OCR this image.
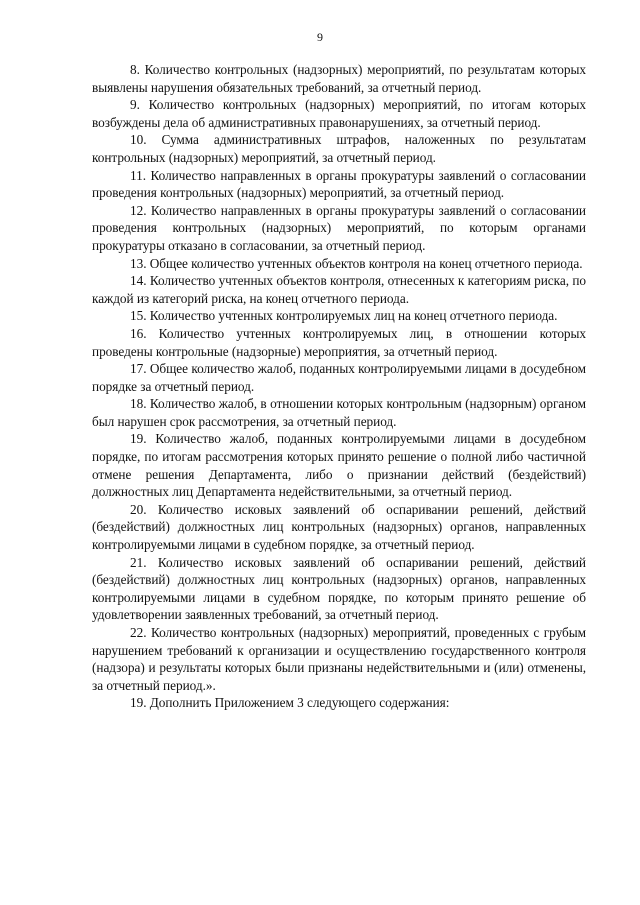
9

8. Количество контрольных (надзорных) мероприятий, по результатам которых выявлены нарушения обязательных требований, за отчетный период.

9. Количество контрольных (надзорных) мероприятий, по итогам которых возбуждены дела об административных правонарушениях, за отчетный период.

10. Сумма административных штрафов, наложенных по результатам контрольных (надзорных) мероприятий, за отчетный период.

11. Количество направленных в органы прокуратуры заявлений о согласовании проведения контрольных (надзорных) мероприятий, за отчетный период.

12. Количество направленных в органы прокуратуры заявлений о согласовании проведения контрольных (надзорных) мероприятий, по которым органами прокуратуры отказано в согласовании, за отчетный период.

13. Общее количество учтенных объектов контроля на конец отчетного периода.

14. Количество учтенных объектов контроля, отнесенных к категориям риска, по каждой из категорий риска, на конец отчетного периода.

15. Количество учтенных контролируемых лиц на конец отчетного периода.

16. Количество учтенных контролируемых лиц, в отношении которых проведены контрольные (надзорные) мероприятия, за отчетный период.

17. Общее количество жалоб, поданных контролируемыми лицами в досудебном порядке за отчетный период.

18. Количество жалоб, в отношении которых контрольным (надзорным) органом был нарушен срок рассмотрения, за отчетный период.

19. Количество жалоб, поданных контролируемыми лицами в досудебном порядке, по итогам рассмотрения которых принято решение о полной либо частичной отмене решения Департамента, либо о признании действий (бездействий) должностных лиц Департамента недействительными, за отчетный период.

20. Количество исковых заявлений об оспаривании решений, действий (бездействий) должностных лиц контрольных (надзорных) органов, направленных контролируемыми лицами в судебном порядке, за отчетный период.

21. Количество исковых заявлений об оспаривании решений, действий (бездействий) должностных лиц контрольных (надзорных) органов, направленных контролируемыми лицами в судебном порядке, по которым принято решение об удовлетворении заявленных требований, за отчетный период.

22. Количество контрольных (надзорных) мероприятий, проведенных с грубым нарушением требований к организации и осуществлению государственного контроля (надзора) и результаты которых были признаны недействительными и (или) отменены, за отчетный период.».

19. Дополнить Приложением 3 следующего содержания:
